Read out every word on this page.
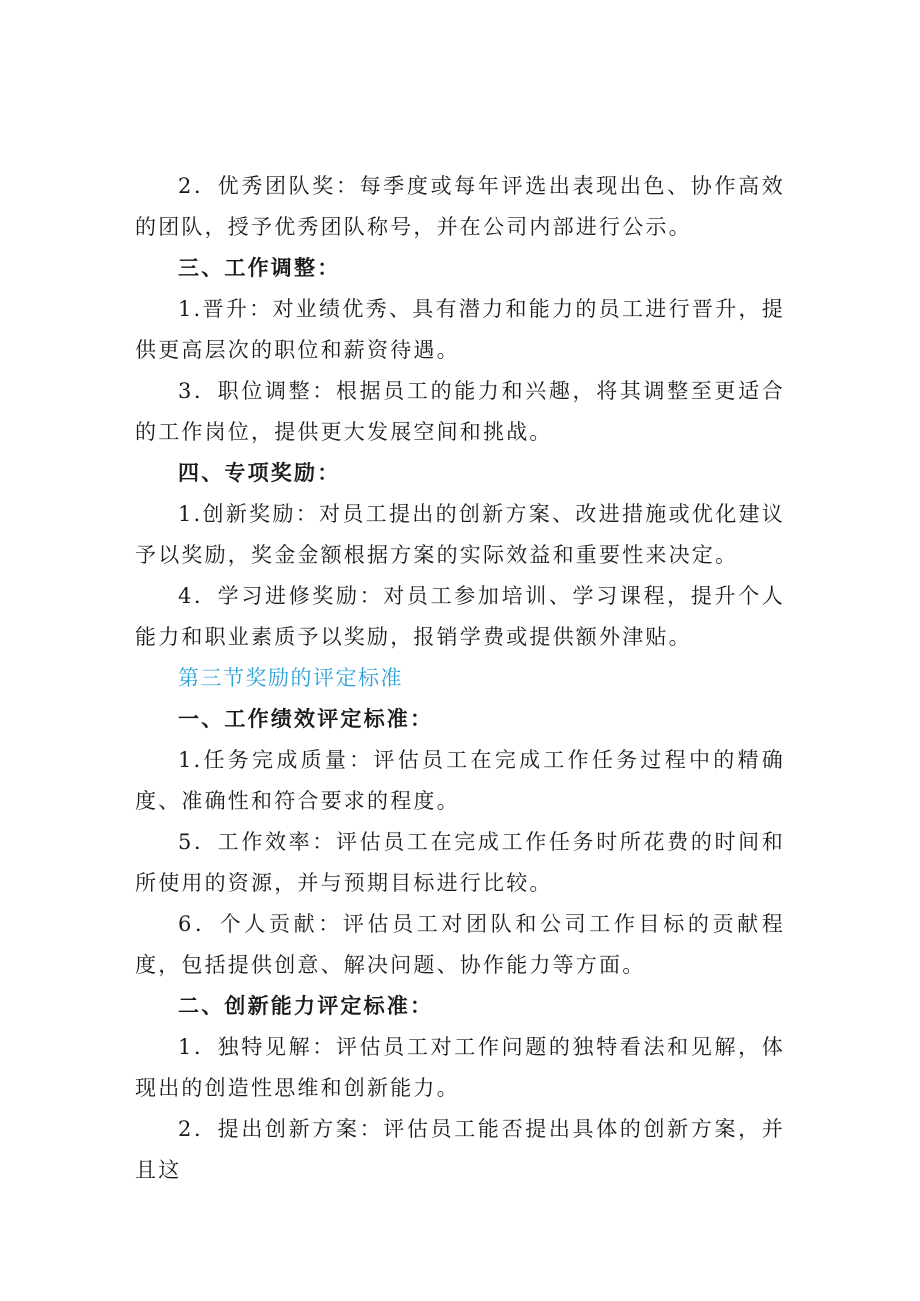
2．优秀团队奖：每季度或每年评选出表现出色、协作高效的团队，授予优秀团队称号，并在公司内部进行公示。

三、工作调整：

1.晋升：对业绩优秀、具有潜力和能力的员工进行晋升，提供更高层次的职位和薪资待遇。

3．职位调整：根据员工的能力和兴趣，将其调整至更适合的工作岗位，提供更大发展空间和挑战。

四、专项奖励：

1.创新奖励：对员工提出的创新方案、改进措施或优化建议予以奖励，奖金金额根据方案的实际效益和重要性来决定。

4．学习进修奖励：对员工参加培训、学习课程，提升个人能力和职业素质予以奖励，报销学费或提供额外津贴。

第三节奖励的评定标准

一、工作绩效评定标准：

1.任务完成质量：评估员工在完成工作任务过程中的精确度、准确性和符合要求的程度。

5．工作效率：评估员工在完成工作任务时所花费的时间和所使用的资源，并与预期目标进行比较。

6．个人贡献：评估员工对团队和公司工作目标的贡献程度，包括提供创意、解决问题、协作能力等方面。

二、创新能力评定标准：

1．独特见解：评估员工对工作问题的独特看法和见解，体现出的创造性思维和创新能力。

2．提出创新方案：评估员工能否提出具体的创新方案，并且这
